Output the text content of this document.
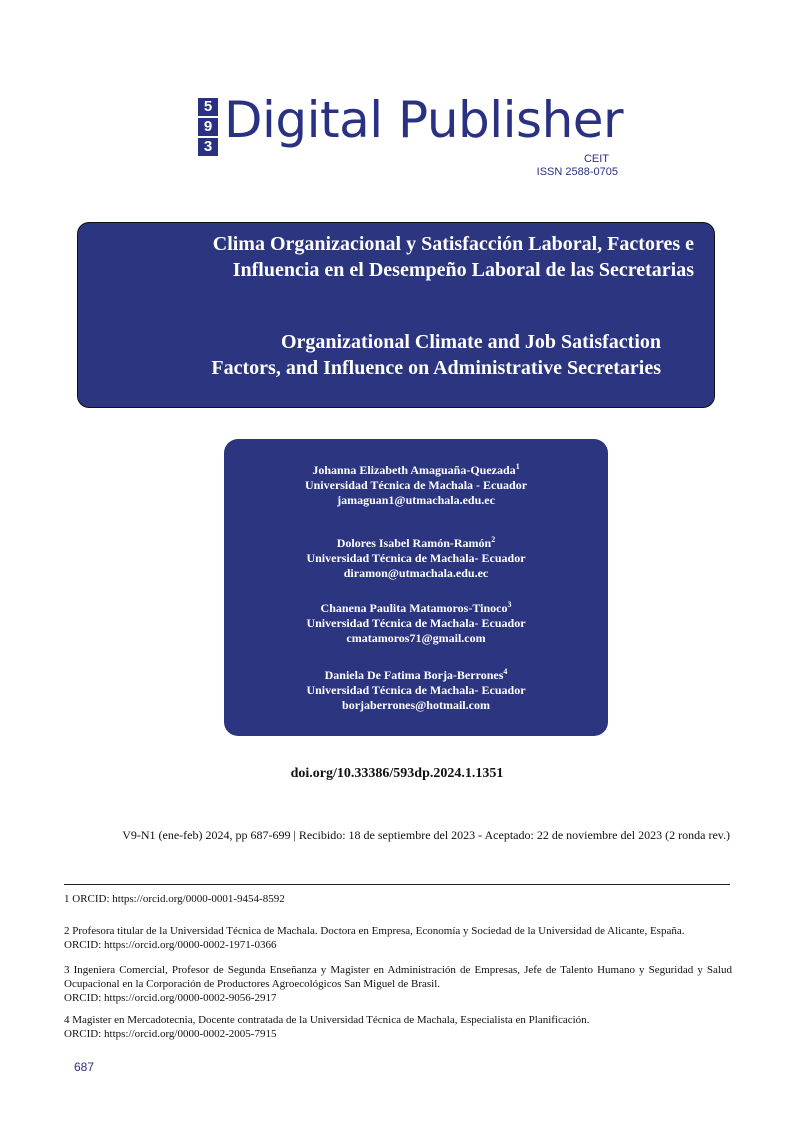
5
9
3 Digital Publisher
CEIT
ISSN 2588-0705
Clima Organizacional y Satisfacción Laboral, Factores e
Influencia en el Desempeño Laboral de las Secretarias
Organizational Climate and Job Satisfaction
Factors, and Influence on Administrative Secretaries

Johanna Elizabeth Amaguaña-Quezada$^1$

Universidad Técnica de Machala - Ecuador

jamaguan1@utmachala.edu.ec

Dolores Isabel Ramón-Ramón$^2$

Universidad Técnica de Machala- Ecuador

diramon@utmachala.edu.ec

Chanena Paulita Matamoros-Tinoco$^3$

Universidad Técnica de Machala- Ecuador

cmatamoros71@gmail.com

Daniela De Fatima Borja-Berrones$^4$

Universidad Técnica de Machala- Ecuador

borjaberrones@hotmail.com

doi.org/10.33386/593dp.2024.1.1351

V9-N1 (ene-feb) 2024, pp 687-699 | Recibido: 18 de septiembre del 2023 - Aceptado: 22 de noviembre del 2023 (2 ronda rev.)

1 ORCID: https://orcid.org/0000-0001-9454-8592

2 Profesora titular de la Universidad Técnica de Machala. Doctora en Empresa, Economía y Sociedad de la Universidad de Alicante, España.
ORCID: https://orcid.org/0000-0002-1971-0366

3 Ingeniera Comercial, Profesor de Segunda Enseñanza y Magister en Administración de Empresas, Jefe de Talento Humano y Seguridad y Salud Ocupacional en la Corporación de Productores Agroecológicos San Miguel de Brasil.
ORCID: https://orcid.org/0000-0002-9056-2917

4 Magister en Mercadotecnia, Docente contratada de la Universidad Técnica de Machala, Especialista en Planificación.
ORCID: https://orcid.org/0000-0002-2005-7915

687
